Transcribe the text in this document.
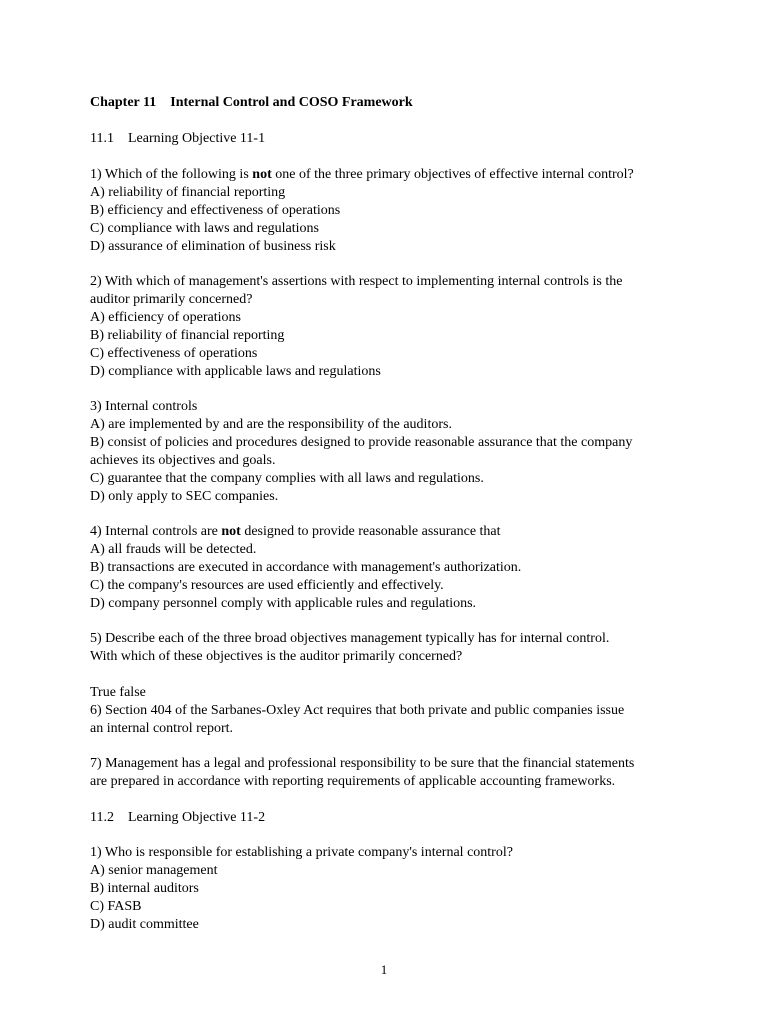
Chapter 11 Internal Control and COSO Framework
11.1 Learning Objective 11-1
1) Which of the following is not one of the three primary objectives of effective internal control?
A) reliability of financial reporting
B) efficiency and effectiveness of operations
C) compliance with laws and regulations
D) assurance of elimination of business risk
2) With which of management's assertions with respect to implementing internal controls is the
auditor primarily concerned?
A) efficiency of operations
B) reliability of financial reporting
C) effectiveness of operations
D) compliance with applicable laws and regulations
3) Internal controls
A) are implemented by and are the responsibility of the auditors.
B) consist of policies and procedures designed to provide reasonable assurance that the company
achieves its objectives and goals.
C) guarantee that the company complies with all laws and regulations.
D) only apply to SEC companies.
4) Internal controls are not designed to provide reasonable assurance that
A) all frauds will be detected.
B) transactions are executed in accordance with management's authorization.
C) the company's resources are used efficiently and effectively.
D) company personnel comply with applicable rules and regulations.
5) Describe each of the three broad objectives management typically has for internal control.
With which of these objectives is the auditor primarily concerned?
True false
6) Section 404 of the Sarbanes-Oxley Act requires that both private and public companies issue
an internal control report.
7) Management has a legal and professional responsibility to be sure that the financial statements
are prepared in accordance with reporting requirements of applicable accounting frameworks.
11.2 Learning Objective 11-2
1) Who is responsible for establishing a private company's internal control?
A) senior management
B) internal auditors
C) FASB
D) audit committee
1
